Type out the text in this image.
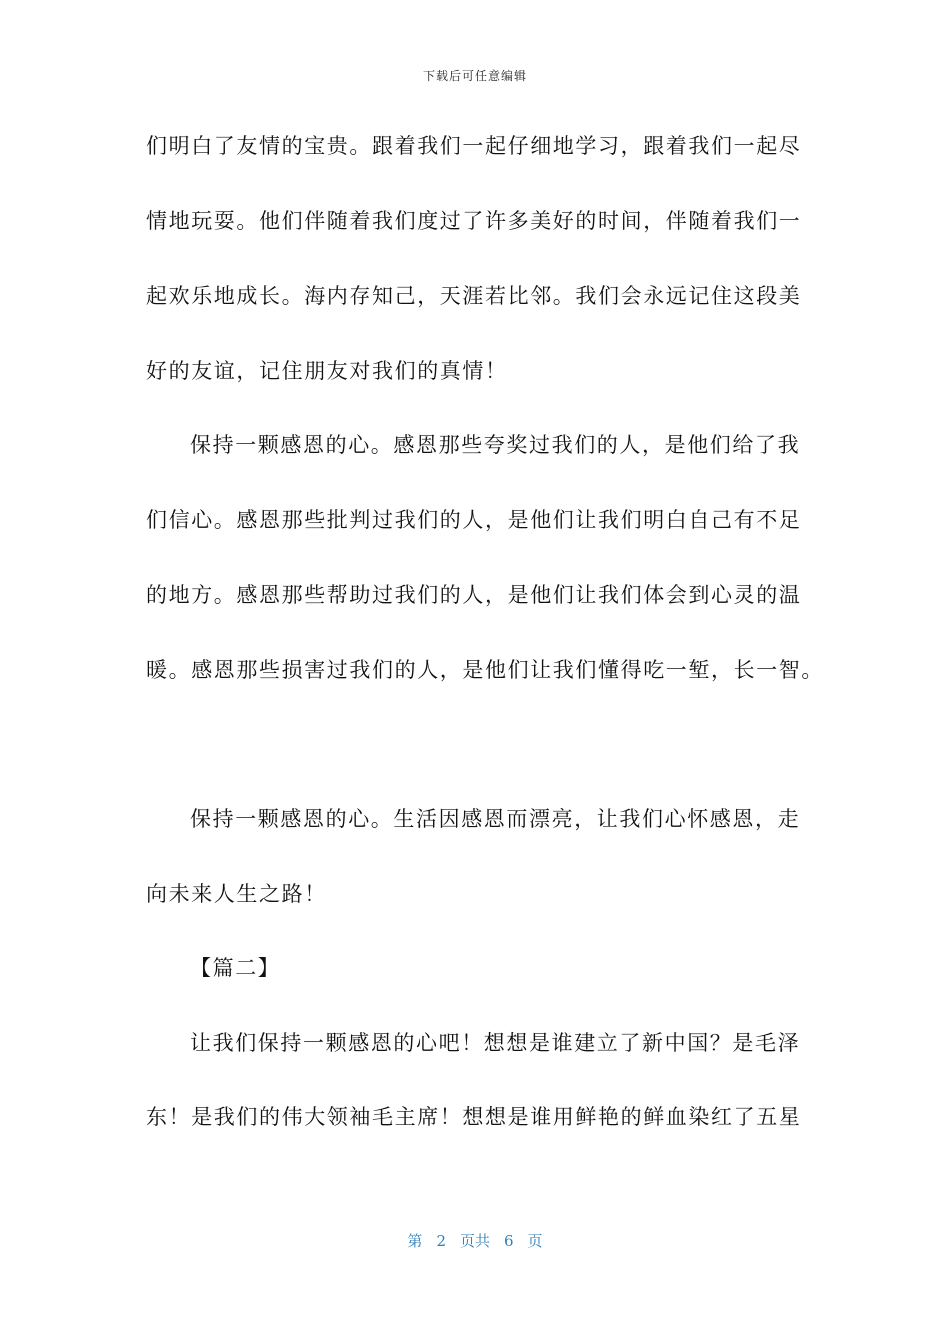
下载后可任意编辑
们明白了友情的宝贵。跟着我们一起仔细地学习，跟着我们一起尽
情地玩耍。他们伴随着我们度过了许多美好的时间，伴随着我们一
起欢乐地成长。海内存知己，天涯若比邻。我们会永远记住这段美
好的友谊，记住朋友对我们的真情！
保持一颗感恩的心。感恩那些夸奖过我们的人，是他们给了我
们信心。感恩那些批判过我们的人，是他们让我们明白自己有不足
的地方。感恩那些帮助过我们的人，是他们让我们体会到心灵的温
暖。感恩那些损害过我们的人，是他们让我们懂得吃一堑，长一智。
保持一颗感恩的心。生活因感恩而漂亮，让我们心怀感恩，走
向未来人生之路！
【篇二】
让我们保持一颗感恩的心吧！想想是谁建立了新中国？是毛泽
东！是我们的伟大领袖毛主席！想想是谁用鲜艳的鲜血染红了五星
第 2 页共 6 页
